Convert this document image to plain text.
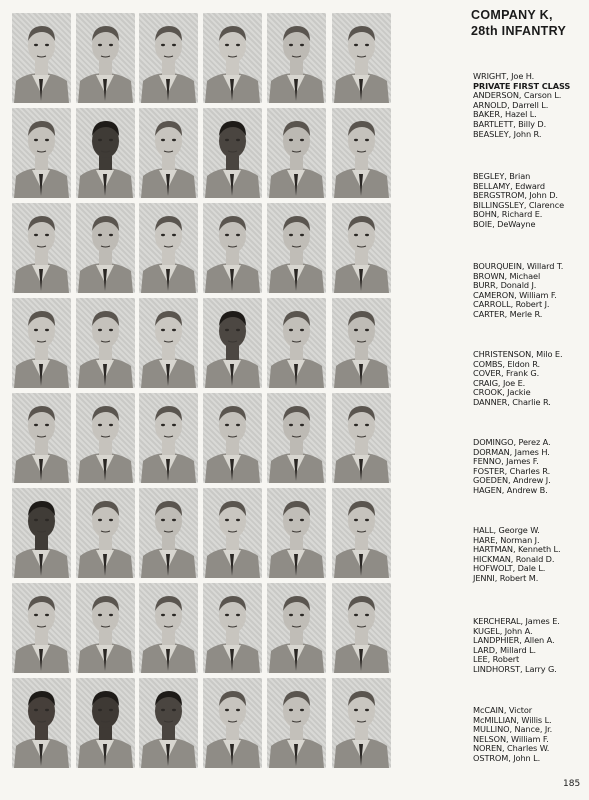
COMPANY K,
28th INFANTRY
WRIGHT, Joe H.
PRIVATE FIRST CLASS
ANDERSON, Carson L.
ARNOLD, Darrell L.
BAKER, Hazel L.
BARTLETT, Billy D.
BEASLEY, John R.
BEGLEY, Brian
BELLAMY, Edward
BERGSTROM, John D.
BILLINGSLEY, Clarence
BOHN, Richard E.
BOIE, DeWayne
BOURQUEIN, Willard T.
BROWN, Michael
BURR, Donald J.
CAMERON, William F.
CARROLL, Robert J.
CARTER, Merle R.
CHRISTENSON, Milo E.
COMBS, Eldon R.
COVER, Frank G.
CRAIG, Joe E.
CROOK, Jackie
DANNER, Charlie R.
DOMINGO, Perez A.
DORMAN, James H.
FENNO, James F.
FOSTER, Charles R.
GOEDEN, Andrew J.
HAGEN, Andrew B.
HALL, George W.
HARE, Norman J.
HARTMAN, Kenneth L.
HICKMAN, Ronald D.
HOFWOLT, Dale L.
JENNI, Robert M.
KERCHERAL, James E.
KUGEL, John A.
LANDPHIER, Allen A.
LARD, Millard L.
LEE, Robert
LINDHORST, Larry G.
McCAIN, Victor
McMILLIAN, Willis L.
MULLINO, Nance, Jr.
NELSON, William F.
NOREN, Charles W.
OSTROM, John L.
185
